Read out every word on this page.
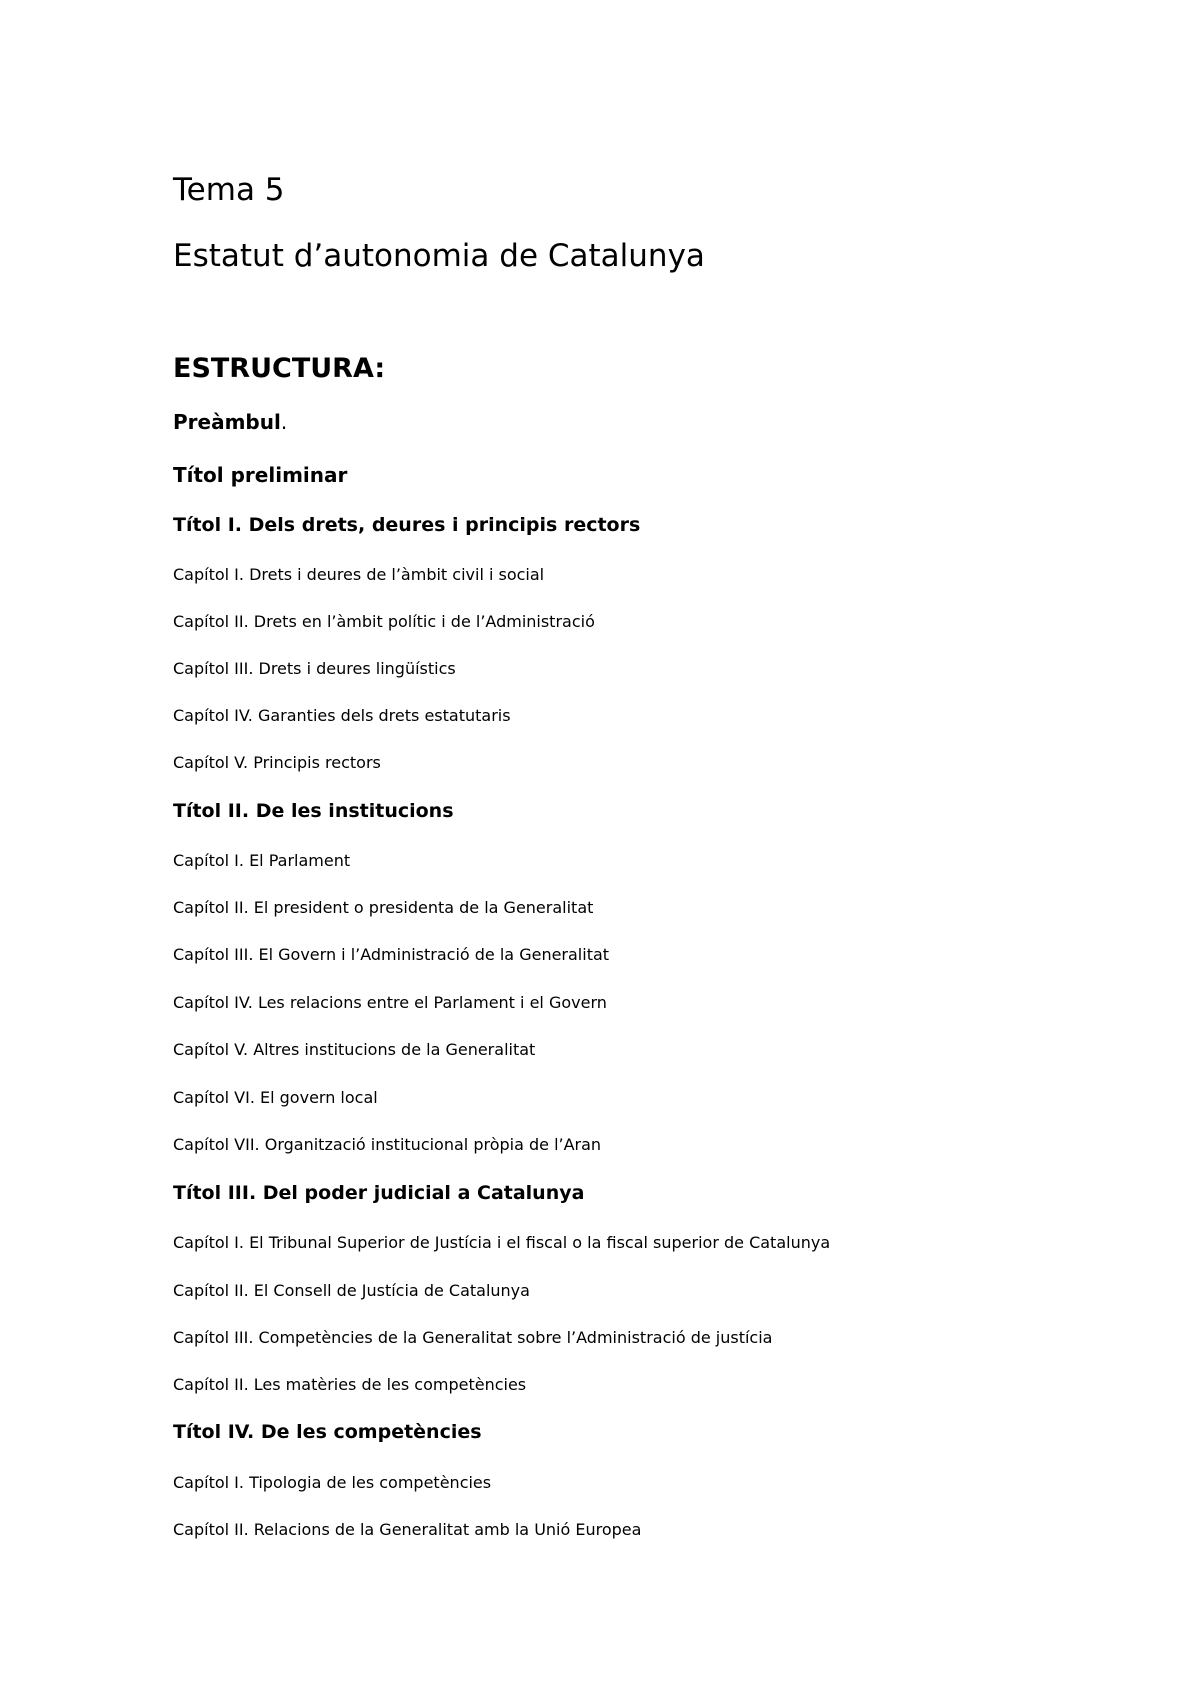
Tema 5
Estatut d’autonomia de Catalunya
ESTRUCTURA:
Preàmbul.
Títol preliminar
Títol I. Dels drets, deures i principis rectors
Capítol I. Drets i deures de l’àmbit civil i social
Capítol II. Drets en l’àmbit polític i de l’Administració
Capítol III. Drets i deures lingüístics
Capítol IV. Garanties dels drets estatutaris
Capítol V. Principis rectors
Títol II. De les institucions
Capítol I. El Parlament
Capítol II. El president o presidenta de la Generalitat
Capítol III. El Govern i l’Administració de la Generalitat
Capítol IV. Les relacions entre el Parlament i el Govern
Capítol V. Altres institucions de la Generalitat
Capítol VI. El govern local
Capítol VII. Organització institucional pròpia de l’Aran
Títol III. Del poder judicial a Catalunya
Capítol I. El Tribunal Superior de Justícia i el fiscal o la fiscal superior de Catalunya
Capítol II. El Consell de Justícia de Catalunya
Capítol III. Competències de la Generalitat sobre l’Administració de justícia
Capítol II. Les matèries de les competències
Títol IV. De les competències
Capítol I. Tipologia de les competències
Capítol II. Relacions de la Generalitat amb la Unió Europea
